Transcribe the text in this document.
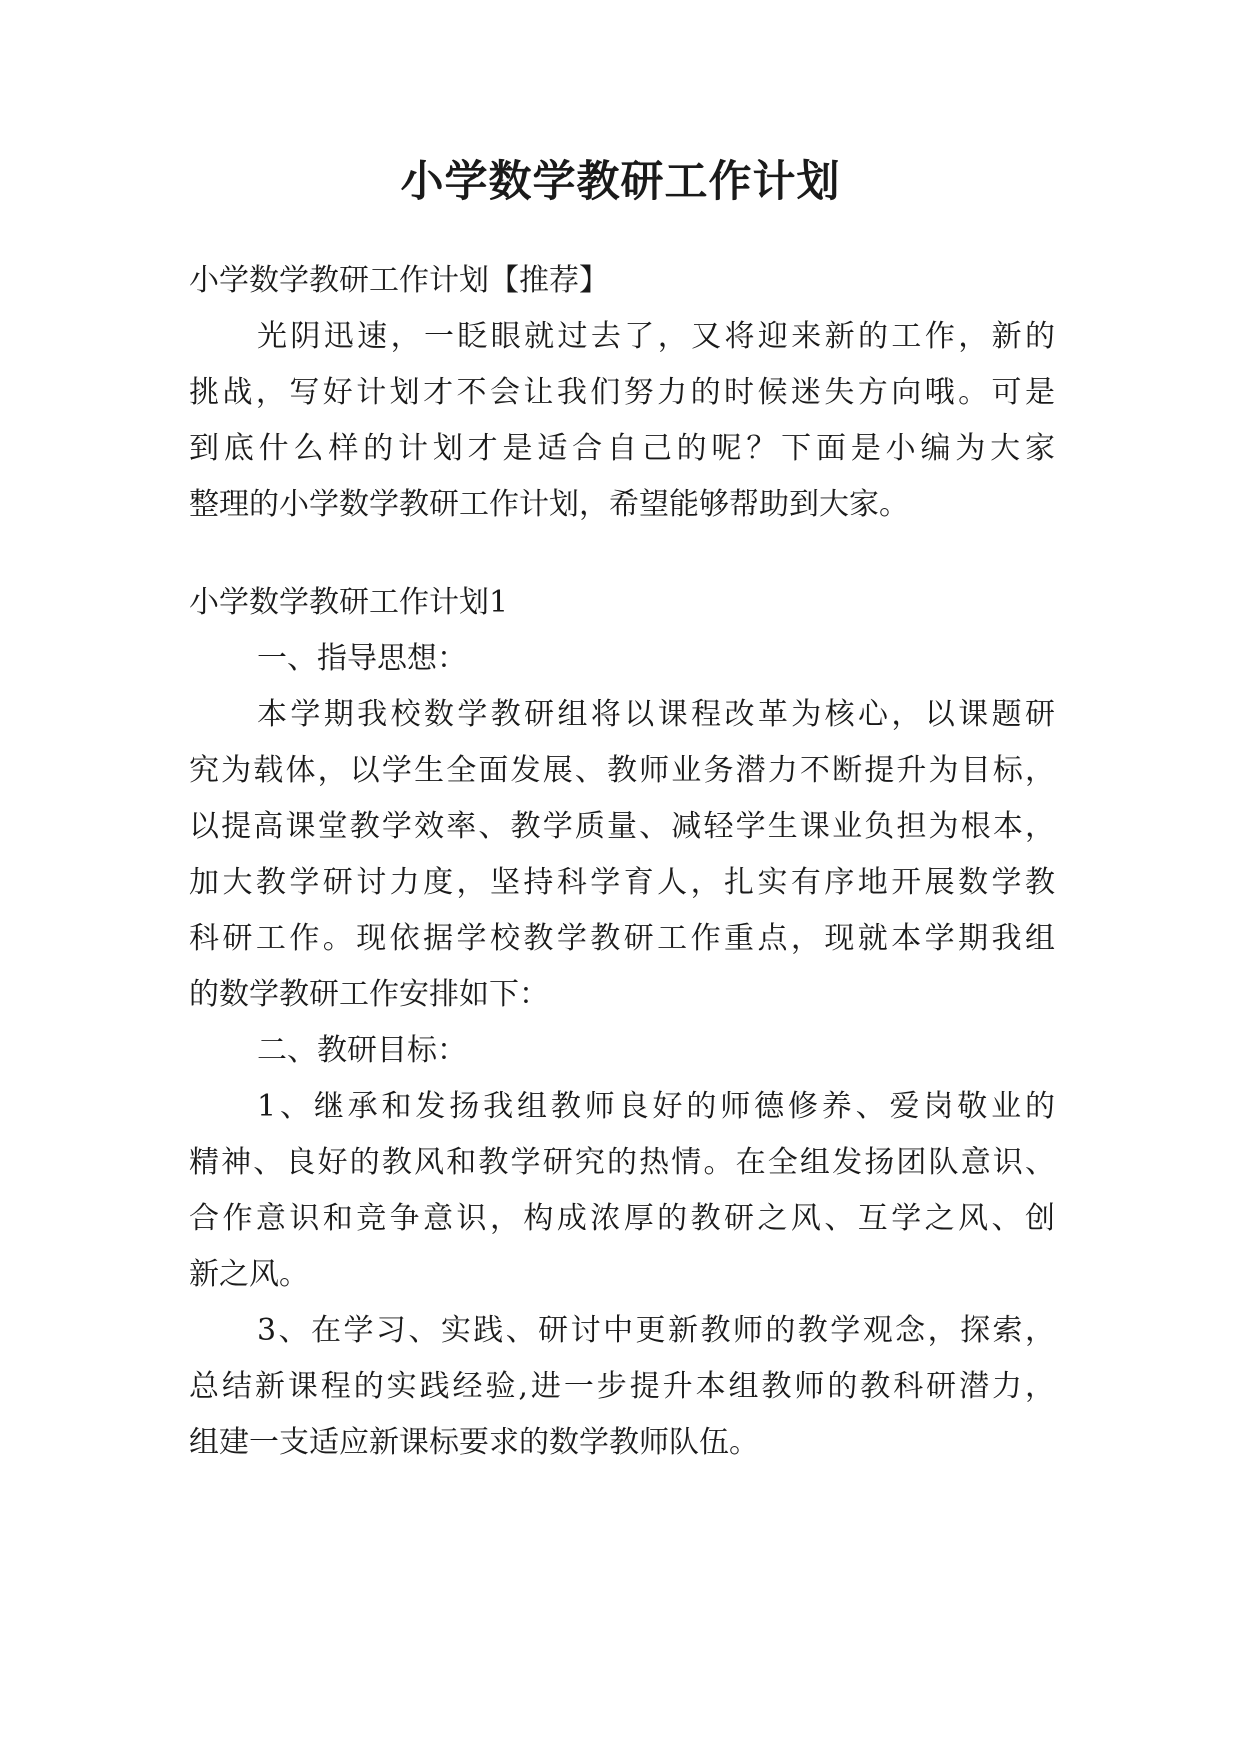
小学数学教研工作计划

小学数学教研工作计划【推荐】

光阴迅速，一眨眼就过去了，又将迎来新的工作，新的

挑战，写好计划才不会让我们努力的时候迷失方向哦。可是

到底什么样的计划才是适合自己的呢？下面是小编为大家

整理的小学数学教研工作计划，希望能够帮助到大家。

小学数学教研工作计划1

一、指导思想：

本学期我校数学教研组将以课程改革为核心，以课题研

究为载体，以学生全面发展、教师业务潜力不断提升为目标，

以提高课堂教学效率、教学质量、减轻学生课业负担为根本，

加大教学研讨力度，坚持科学育人，扎实有序地开展数学教

科研工作。现依据学校教学教研工作重点，现就本学期我组

的数学教研工作安排如下：

二、教研目标：

1、继承和发扬我组教师良好的师德修养、爱岗敬业的

精神、良好的教风和教学研究的热情。在全组发扬团队意识、

合作意识和竞争意识，构成浓厚的教研之风、互学之风、创

新之风。

3、在学习、实践、研讨中更新教师的教学观念，探索，

总结新课程的实践经验,进一步提升本组教师的教科研潜力，

组建一支适应新课标要求的数学教师队伍。
